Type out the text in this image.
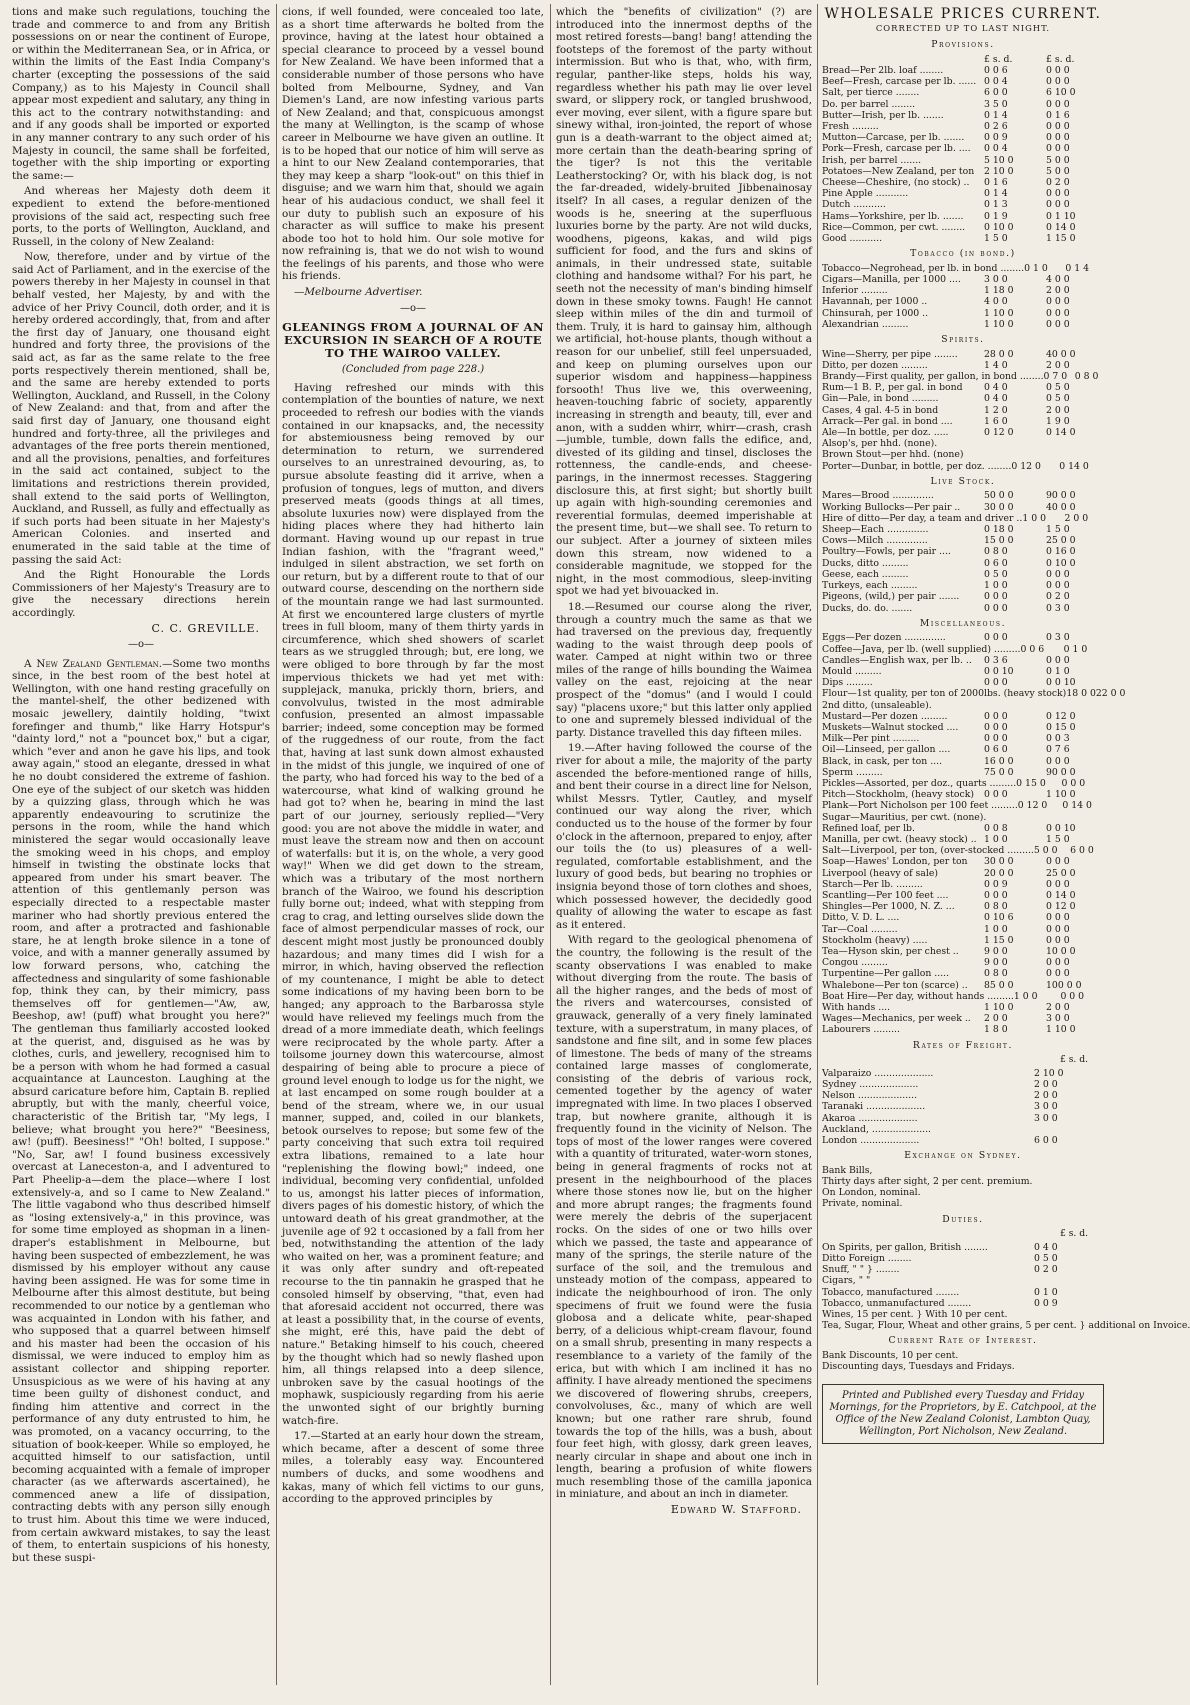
tions and make such regulations, touching the trade and commerce to and from any British possessions on or near the continent of Europe, or within the Mediterranean Sea, or in Africa, or within the limits of the East India Company's charter (excepting the possessions of the said Company,) as to his Majesty in Council shall appear most expedient and salutary, any thing in this act to the contrary notwithstanding: and and if any goods shall be imported or exported in any manner contrary to any such order of his Majesty in council, the same shall be forfeited, together with the ship importing or exporting the same:—

And whereas her Majesty doth deem it expedient to extend the before-mentioned provisions of the said act, respecting such free ports, to the ports of Wellington, Auckland, and Russell, in the colony of New Zealand:

Now, therefore, under and by virtue of the said Act of Parliament, and in the exercise of the powers thereby in her Majesty in counsel in that behalf vested, her Majesty, by and with the advice of her Privy Council, doth order, and it is hereby ordered accordingly, that, from and after the first day of January, one thousand eight hundred and forty three, the provisions of the said act, as far as the same relate to the free ports respectively therein mentioned, shall be, and the same are hereby extended to ports Wellington, Auckland, and Russell, in the Colony of New Zealand: and that, from and after the said first day of January, one thousand eight hundred and forty-three, all the privileges and advantages of the free ports therein mentioned, and all the provisions, penalties, and forfeitures in the said act contained, subject to the limitations and restrictions therein provided, shall extend to the said ports of Wellington, Auckland, and Russell, as fully and effectually as if such ports had been situate in her Majesty's American Colonies. and inserted and enumerated in the said table at the time of passing the said Act:

And the Right Honourable the Lords Commissioners of her Majesty's Treasury are to give the necessary directions herein accordingly.

C. C. GREVILLE.
—o—

A New Zealand Gentleman.—Some two months since, in the best room of the best hotel at Wellington, with one hand resting gracefully on the mantel-shelf, the other bedizened with mosaic jewellery, daintily holding, "twixt forefinger and thumb," like Harry Hotspur's "dainty lord," not a "pouncet box," but a cigar, which "ever and anon he gave his lips, and took away again," stood an elegante, dressed in what he no doubt considered the extreme of fashion. One eye of the subject of our sketch was hidden by a quizzing glass, through which he was apparently endeavouring to scrutinize the persons in the room, while the hand which ministered the segar would occasionally leave the smoking weed in his chops, and employ himself in twisting the obstinate locks that appeared from under his smart beaver. The attention of this gentlemanly person was especially directed to a respectable master mariner who had shortly previous entered the room, and after a protracted and fashionable stare, he at length broke silence in a tone of voice, and with a manner generally assumed by low forward persons, who, catching the affectedness and singularity of some fashionable fop, think they can, by their mimicry, pass themselves off for gentlemen—"Aw, aw, Beeshop, aw! (puff) what brought you here?" The gentleman thus familiarly accosted looked at the querist, and, disguised as he was by clothes, curls, and jewellery, recognised him to be a person with whom he had formed a casual acquaintance at Launceston. Laughing at the absurd caricature before him, Captain B. replied abruptly, but with the manly, cheerful voice, characteristic of the British tar, "My legs, I believe; what brought you here?" "Beesiness, aw! (puff). Beesiness!" "Oh! bolted, I suppose." "No, Sar, aw! I found business excessively overcast at Laneceston-a, and I adventured to Part Pheelip-a—dem the place—where I lost extensively-a, and so I came to New Zealand." The little vagabond who thus described himself as "losing extensively-a," in this province, was for some time employed as shopman in a linen-draper's establishment in Melbourne, but having been suspected of embezzlement, he was dismissed by his employer without any cause having been assigned. He was for some time in Melbourne after this almost destitute, but being recommended to our notice by a gentleman who was acquainted in London with his father, and who supposed that a quarrel between himself and his master had been the occasion of his dismissal, we were induced to employ him as assistant collector and shipping reporter. Unsuspicious as we were of his having at any time been guilty of dishonest conduct, and finding him attentive and correct in the performance of any duty entrusted to him, he was promoted, on a vacancy occurring, to the situation of book-keeper. While so employed, he acquitted himself to our satisfaction, until becoming acquainted with a female of improper character (as we afterwards ascertained), he commenced anew a life of dissipation, contracting debts with any person silly enough to trust him. About this time we were induced, from certain awkward mistakes, to say the least of them, to entertain suspicions of his honesty, but these suspi-

cions, if well founded, were concealed too late, as a short time afterwards he bolted from the province, having at the latest hour obtained a special clearance to proceed by a vessel bound for New Zealand. We have been informed that a considerable number of those persons who have bolted from Melbourne, Sydney, and Van Diemen's Land, are now infesting various parts of New Zealand; and that, conspicuous amongst the many at Wellington, is the scamp of whose career in Melbourne we have given an outline. It is to be hoped that our notice of him will serve as a hint to our New Zealand contemporaries, that they may keep a sharp "look-out" on this thief in disguise; and we warn him that, should we again hear of his audacious conduct, we shall feel it our duty to publish such an exposure of his character as will suffice to make his present abode too hot to hold him. Our sole motive for now refraining is, that we do not wish to wound the feelings of his parents, and those who were his friends.

—Melbourne Advertiser.

—o—
GLEANINGS FROM A JOURNAL OF AN EXCURSION IN SEARCH OF A ROUTE TO THE WAIROO VALLEY.
(Concluded from page 228.)

Having refreshed our minds with this contemplation of the bounties of nature, we next proceeded to refresh our bodies with the viands contained in our knapsacks, and, the necessity for abstemiousness being removed by our determination to return, we surrendered ourselves to an unrestrained devouring, as, to pursue absolute feasting did it arrive, when a profusion of tongues, legs of mutton, and divers preserved meats (goods things at all times, absolute luxuries now) were displayed from the hiding places where they had hitherto lain dormant. Having wound up our repast in true Indian fashion, with the "fragrant weed," indulged in silent abstraction, we set forth on our return, but by a different route to that of our outward course, descending on the northern side of the mountain range we had last surmounted. At first we encountered large clusters of myrtle trees in full bloom, many of them thirty yards in circumference, which shed showers of scarlet tears as we struggled through; but, ere long, we were obliged to bore through by far the most impervious thickets we had yet met with: supplejack, manuka, prickly thorn, briers, and convolvulus, twisted in the most admirable confusion, presented an almost impassable barrier; indeed, some conception may be formed of the ruggedness of our route, from the fact that, having at last sunk down almost exhausted in the midst of this jungle, we inquired of one of the party, who had forced his way to the bed of a watercourse, what kind of walking ground he had got to? when he, bearing in mind the last part of our journey, seriously replied—"Very good: you are not above the middle in water, and must leave the stream now and then on account of waterfalls: but it is, on the whole, a very good way!" When we did get down to the stream, which was a tributary of the most northern branch of the Wairoo, we found his description fully borne out; indeed, what with stepping from crag to crag, and letting ourselves slide down the face of almost perpendicular masses of rock, our descent might most justly be pronounced doubly hazardous; and many times did I wish for a mirror, in which, having observed the reflection of my countenance, I might be able to detect some indications of my having been born to be hanged; any approach to the Barbarossa style would have relieved my feelings much from the dread of a more immediate death, which feelings were reciprocated by the whole party. After a toilsome journey down this watercourse, almost despairing of being able to procure a piece of ground level enough to lodge us for the night, we at last encamped on some rough boulder at a bend of the stream, where we, in our usual manner, supped, and, coiled in our blankets, betook ourselves to repose; but some few of the party conceiving that such extra toil required extra libations, remained to a late hour "replenishing the flowing bowl;" indeed, one individual, becoming very confidential, unfolded to us, amongst his latter pieces of information, divers pages of his domestic history, of which the untoward death of his great grandmother, at the juvenile age of 92 t occasioned by a fall from her bed, notwithstanding the attention of the lady who waited on her, was a prominent feature; and it was only after sundry and oft-repeated recourse to the tin pannakin he grasped that he consoled himself by observing, "that, even had that aforesaid accident not occurred, there was at least a possibility that, in the course of events, she might, eré this, have paid the debt of nature." Betaking himself to his couch, cheered by the thought which had so newly flashed upon him, all things relapsed into a deep silence, unbroken save by the casual hootings of the mophawk, suspiciously regarding from his aerie the unwonted sight of our brightly burning watch-fire.

17.—Started at an early hour down the stream, which became, after a descent of some three miles, a tolerably easy way. Encountered numbers of ducks, and some woodhens and kakas, many of which fell victims to our guns, according to the approved principles by

which the "benefits of civilization" (?) are introduced into the innermost depths of the most retired forests—bang! bang! attending the footsteps of the foremost of the party without intermission. But who is that, who, with firm, regular, panther-like steps, holds his way, regardless whether his path may lie over level sward, or slippery rock, or tangled brushwood, ever moving, ever silent, with a figure spare but sinewy withal, iron-jointed, the report of whose gun is a death-warrant to the object aimed at; more certain than the death-bearing spring of the tiger? Is not this the veritable Leatherstocking? Or, with his black dog, is not the far-dreaded, widely-bruited Jibbenainosay itself? In all cases, a regular denizen of the woods is he, sneering at the superfluous luxuries borne by the party. Are not wild ducks, woodhens, pigeons, kakas, and wild pigs sufficient for food, and the furs and skins of animals, in their undressed state, suitable clothing and handsome withal? For his part, he seeth not the necessity of man's binding himself down in these smoky towns. Faugh! He cannot sleep within miles of the din and turmoil of them. Truly, it is hard to gainsay him, although we artificial, hot-house plants, though without a reason for our unbelief, still feel unpersuaded, and keep on pluming ourselves upon our superior wisdom and happiness—happiness forsooth! Thus live we, this overweening, heaven-touching fabric of society, apparently increasing in strength and beauty, till, ever and anon, with a sudden whirr, whirr—crash, crash—jumble, tumble, down falls the edifice, and, divested of its gilding and tinsel, discloses the rottenness, the candle-ends, and cheese-parings, in the innermost recesses. Staggering disclosure this, at first sight; but shortly built up again with high-sounding ceremonies and reverential formulas, deemed imperishable at the present time, but—we shall see. To return to our subject. After a journey of sixteen miles down this stream, now widened to a considerable magnitude, we stopped for the night, in the most commodious, sleep-inviting spot we had yet bivouacked in.

18.—Resumed our course along the river, through a country much the same as that we had traversed on the previous day, frequently wading to the waist through deep pools of water. Camped at night within two or three miles of the range of hills bounding the Waimea valley on the east, rejoicing at the near prospect of the "domus" (and I would I could say) "placens uxore;" but this latter only applied to one and supremely blessed individual of the party. Distance travelled this day fifteen miles.

19.—After having followed the course of the river for about a mile, the majority of the party ascended the before-mentioned range of hills, and bent their course in a direct line for Nelson, whilst Messrs. Tytler, Cautley, and myself continued our way along the river, which conducted us to the house of the former by four o'clock in the afternoon, prepared to enjoy, after our toils the (to us) pleasures of a well-regulated, comfortable establishment, and the luxury of good beds, but bearing no trophies or insignia beyond those of torn clothes and shoes, which possessed however, the decidedly good quality of allowing the water to escape as fast as it entered.

With regard to the geological phenomena of the country, the following is the result of the scanty observations I was enabled to make without diverging from the route. The basis of all the higher ranges, and the beds of most of the rivers and watercourses, consisted of grauwack, generally of a very finely laminated texture, with a superstratum, in many places, of sandstone and fine silt, and in some few places of limestone. The beds of many of the streams contained large masses of conglomerate, consisting of the debris of various rock, cemented together by the agency of water impregnated with lime. In two places I observed trap, but nowhere granite, although it is frequently found in the vicinity of Nelson. The tops of most of the lower ranges were covered with a quantity of triturated, water-worn stones, being in general fragments of rocks not at present in the neighbourhood of the places where those stones now lie, but on the higher and more abrupt ranges; the fragments found were merely the debris of the superjacent rocks. On the sides of one or two hills over which we passed, the taste and appearance of many of the springs, the sterile nature of the surface of the soil, and the tremulous and unsteady motion of the compass, appeared to indicate the neighbourhood of iron. The only specimens of fruit we found were the fusia globosa and a delicate white, pear-shaped berry, of a delicious whipt-cream flavour, found on a small shrub, presenting in many respects a resemblance to a variety of the family of the erica, but with which I am inclined it has no affinity. I have already mentioned the specimens we discovered of flowering shrubs, creepers, convolvoluses, &c., many of which are well known; but one rather rare shrub, found towards the top of the hills, was a bush, about four feet high, with glossy, dark green leaves, nearly circular in shape and about one inch in length, bearing a profusion of white flowers much resembling those of the camilla japonica in miniature, and about an inch in diameter.

Edward W. Stafford.
WHOLESALE PRICES CURRENT.
CORRECTED UP TO LAST NIGHT.
Provisions.
£ s. d.	£ s. d.
Bread—Per 2lb. loaf ........	0 0 6	0 0 0
Beef—Fresh, carcase per lb. ...... 0 0 4	0 0 0
Salt, per tierce ........	6 0 0	6 10 0
Do. per barrel ........	3 5 0	0 0 0
Butter—Irish, per lb. .......	0 1 4	0 1 6
Fresh .........	0 2 6	0 0 0
Mutton—Carcase, per lb. .......	0 0 9	0 0 0
Pork—Fresh, carcase per lb. ....	0 0 4	0 0 0
Irish, per barrel .......	5 10 0	5 0 0
Potatoes—New Zealand, per ton	2 10 0	5 0 0
Cheese—Cheshire, (no stock) ..	0 1 6	0 2 0
Pine Apple ...........	0 1 4	0 0 0
Dutch ...........	0 1 3	0 0 0
Hams—Yorkshire, per lb. .......	0 1 9	0 1 10
Rice—Common, per cwt. ........	0 10 0	0 14 0
Good ...........	1 5 0	1 15 0
Tobacco (in bond.)
Tobacco—Negrohead, per lb. in bond ........ 0 1 0	0 1 4
Cigars—Manilla, per 1000 ....	3 0 0	4 0 0
Inferior .........	1 18 0	2 0 0
Havannah, per 1000 ..	4 0 0	0 0 0
Chinsurah, per 1000 ..	1 10 0	0 0 0
Alexandrian .........	1 10 0	0 0 0
Spirits.
Wine—Sherry, per pipe ........	28 0 0	40 0 0
Ditto, per dozen .........	1 4 0	2 0 0
Brandy—First quality, per gallon, in bond ........ 0 7 0 0 8 0
Rum—1 B. P., per gal. in bond	0 4 0	0 5 0
Gin—Pale, in bond .........	0 4 0	0 5 0
Cases, 4 gal. 4-5 in bond	1 2 0	2 0 0
Arrack—Per gal. in bond ....	1 6 0	1 9 0
Ale—In bottle, per doz. .....	0 12 0	0 14 0
Alsop's, per hhd. (none).
Brown Stout—per hhd. (none)
Porter—Dunbar, in bottle, per doz. ........ 0 12 0	0 14 0
Live Stock.
Mares—Brood ..............	50 0 0	90 0 0
Working Bullocks—Per pair ..	30 0 0	40 0 0
Hire of ditto—Per day, a team and driver .. 1 0 0	2 0 0
Sheep—Each ..............	0 18 0	1 5 0
Cows—Milch ..............	15 0 0	25 0 0
Poultry—Fowls, per pair ....	0 8 0	0 16 0
Ducks, ditto .........	0 6 0	0 10 0
Geese, each .........	0 5 0	0 0 0
Turkeys, each .........	1 0 0	0 0 0
Pigeons, (wild,) per pair .......	0 0 0	0 2 0
Ducks, do. do. .......	0 0 0	0 3 0
Miscellaneous.
Eggs—Per dozen ..............	0 0 0	0 3 0
Coffee—Java, per lb. (well supplied) ......... 0 0 6	0 1 0
Candles—English wax, per lb. ..	0 3 6	0 0 0
Mould .........	0 0 10	0 1 0
Dips .........	0 0 0	0 0 10
Flour—1st quality, per ton of 2000lbs. (heavy stock) 18 0 0 22 0 0
2nd ditto, (unsaleable).
Mustard—Per dozen .........	0 0 0	0 12 0
Muskets—Walnut stocked ....	0 0 0	0 15 0
Milk—Per pint .........	0 0 0	0 0 3
Oil—Linseed, per gallon ....	0 6 0	0 7 6
Black, in cask, per ton ....	16 0 0	0 0 0
Sperm .........	75 0 0	90 0 0
Pickles—Assorted, per doz., quarts ......... 0 15 0	0 0 0
Pitch—Stockholm, (heavy stock)	0 0 0	1 10 0
Plank—Port Nicholson per 100 feet ......... 0 12 0	0 14 0
Sugar—Mauritius, per cwt. (none).
Refined loaf, per lb.	0 0 8	0 0 10
Manilla, per cwt. (heavy stock) .. 1 0 0	1 5 0
Salt—Liverpool, per ton, (over-stocked ......... 5 0 0	6 0 0
Soap—Hawes' London, per ton	30 0 0	0 0 0
Liverpool (heavy of sale)	20 0 0	25 0 0
Starch—Per lb. .........	0 0 9	0 0 0
Scantling—Per 100 feet ....	0 0 0	0 14 0
Shingles—Per 1000, N. Z. ...	0 8 0	0 12 0
Ditto, V. D. L. ....	0 10 6	0 0 0
Tar—Coal .........	1 0 0	0 0 0
Stockholm (heavy) .....	1 15 0	0 0 0
Tea—Hyson skin, per chest ..	9 0 0	10 0 0
Congou .........	9 0 0	0 0 0
Turpentine—Per gallon .....	0 8 0	0 0 0
Whalebone—Per ton (scarce) ..	85 0 0	100 0 0
Boat Hire—Per day, without hands ......... 1 0 0	0 0 0
With hands ....	1 10 0	2 0 0
Wages—Mechanics, per week ..	2 0 0	3 0 0
Labourers .........	1 8 0	1 10 0
Rates of Freight.
£ s. d.
Valparaizo ....................	2 10 0
Sydney ....................	2 0 0
Nelson ....................	2 0 0
Taranaki ....................	3 0 0
Akaroa ....................	3 0 0
Auckland, ....................
London ....................	6 0 0
Exchange on Sydney.

Bank Bills,

Thirty days after sight, 2 per cent. premium.

On London, nominal.

Private, nominal.

Duties.
£ s. d.
On Spirits, per gallon, British ........	0 4 0
Ditto Foreign ........	0 5 0
Snuff, " " } ........	0 2 0
Cigars, " "
Tobacco, manufactured ........	0 1 0
Tobacco, unmanufactured ........	0 0 9
Wines, 15 per cent. } With 10 per cent.
Tea, Sugar, Flour, Wheat and other grains, 5 per cent. } additional on Invoice.
Current Rate of Interest.

Bank Discounts, 10 per cent.

Discounting days, Tuesdays and Fridays.

Printed and Published every Tuesday and Friday Mornings, for the Proprietors, by E. Catchpool, at the Office of the New Zealand Colonist, Lambton Quay, Wellington, Port Nicholson, New Zealand.
